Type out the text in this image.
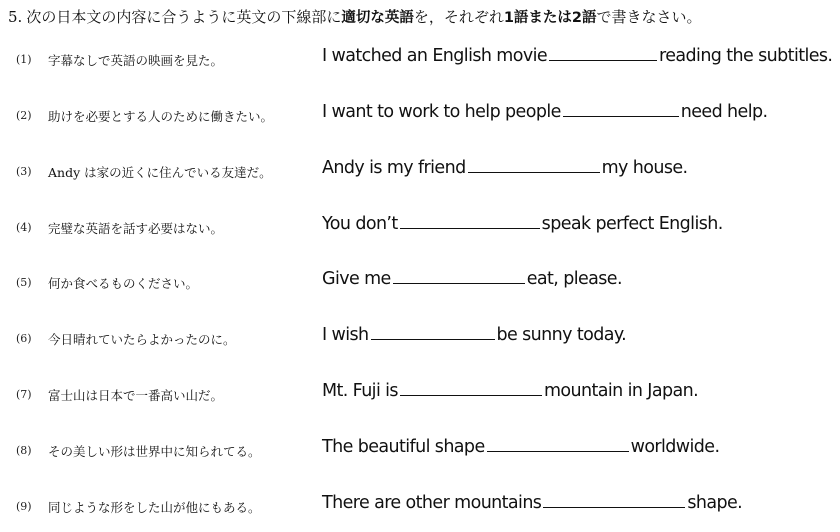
5. 次の日本文の内容に合うように英文の下線部に適切な英語を，それぞれ1語または2語で書きなさい。
(1) 字幕なしで英語の映画を見た。	I watched an English movie	reading the subtitles.
(2) 助けを必要とする人のために働きたい。	I want to work to help people	need help.
(3) Andy は家の近くに住んでいる友達だ。	Andy is my friend	my house.
(4) 完璧な英語を話す必要はない。	You don’t	speak perfect English.
(5) 何か食べるものください。	Give me	eat, please.
(6) 今日晴れていたらよかったのに。	I wish	be sunny today.
(7) 富士山は日本で一番高い山だ。	Mt. Fuji is	mountain in Japan.
(8) その美しい形は世界中に知られてる。	The beautiful shape	worldwide.
(9) 同じような形をした山が他にもある。	There are other mountains	shape.
